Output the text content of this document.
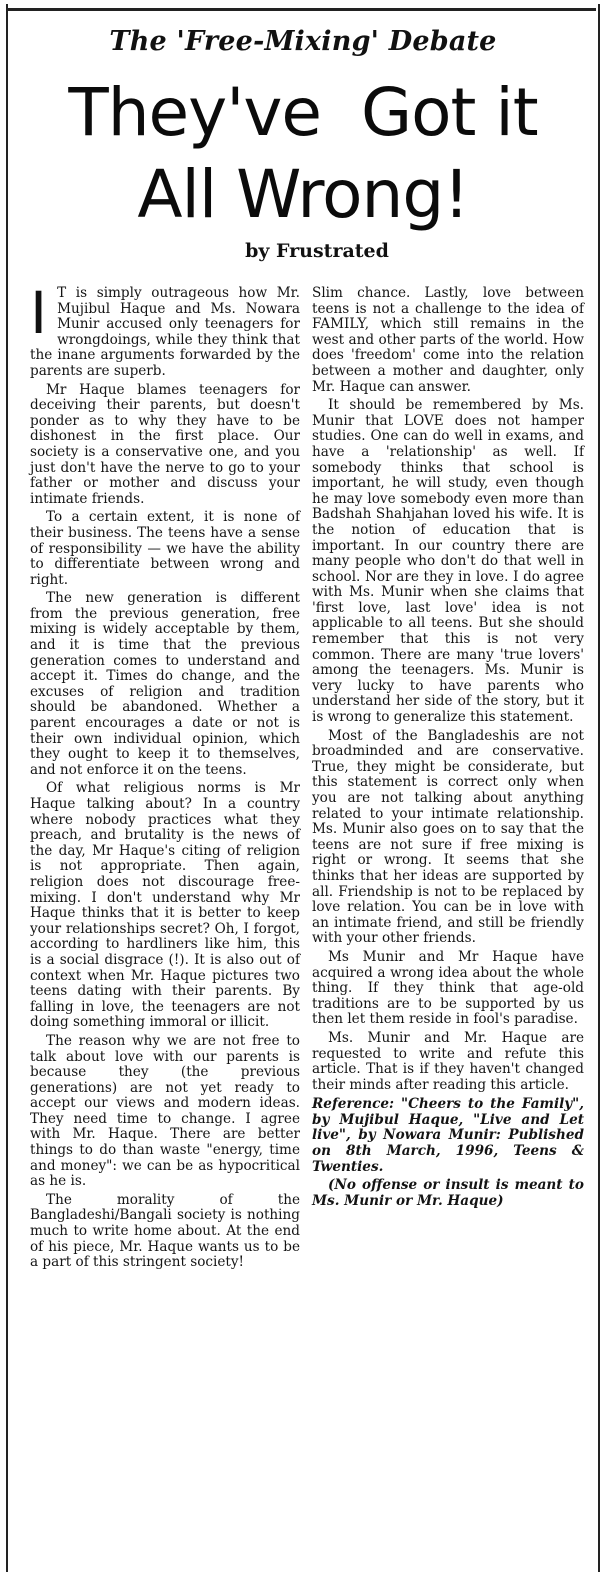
The 'Free-Mixing' Debate
They've  Got it
All Wrong!
by Frustrated

I T is simply outrageous how Mr. Mujibul Haque and Ms. Nowara Munir accused only teenagers for wrongdoings, while they think that the inane arguments forwarded by the parents are superb.

Mr Haque blames teenagers for deceiving their parents, but doesn't ponder as to why they have to be dishonest in the first place. Our society is a conservative one, and you just don't have the nerve to go to your father or mother and discuss your intimate friends.

To a certain extent, it is none of their business. The teens have a sense of responsibility — we have the ability to differentiate between wrong and right.

The new generation is different from the previous generation, free mixing is widely acceptable by them, and it is time that the previous generation comes to understand and accept it. Times do change, and the excuses of religion and tradition should be abandoned. Whether a parent encourages a date or not is their own individual opinion, which they ought to keep it to themselves, and not enforce it on the teens.

Of what religious norms is Mr Haque talking about? In a country where nobody practices what they preach, and brutality is the news of the day, Mr Haque's citing of religion is not appropriate. Then again, religion does not discourage free-mixing. I don't understand why Mr Haque thinks that it is better to keep your relationships secret? Oh, I forgot, according to hardliners like him, this is a social disgrace (!). It is also out of context when Mr. Haque pictures two teens dating with their parents. By falling in love, the teenagers are not doing something immoral or illicit.

The reason why we are not free to talk about love with our parents is because they (the previous generations) are not yet ready to accept our views and modern ideas. They need time to change. I agree with Mr. Haque. There are better things to do than waste "energy, time and money": we can be as hypocritical as he is.

The morality of the Bangladeshi/Bangali society is nothing much to write home about. At the end of his piece, Mr. Haque wants us to be a part of this stringent society!

Slim chance. Lastly, love between teens is not a challenge to the idea of FAMILY, which still remains in the west and other parts of the world. How does 'freedom' come into the relation between a mother and daughter, only Mr. Haque can answer.

It should be remembered by Ms. Munir that LOVE does not hamper studies. One can do well in exams, and have a 'relationship' as well. If somebody thinks that school is important, he will study, even though he may love somebody even more than Badshah Shahjahan loved his wife. It is the notion of education that is important. In our country there are many people who don't do that well in school. Nor are they in love. I do agree with Ms. Munir when she claims that 'first love, last love' idea is not applicable to all teens. But she should remember that this is not very common. There are many 'true lovers' among the teenagers. Ms. Munir is very lucky to have parents who understand her side of the story, but it is wrong to generalize this statement.

Most of the Bangladeshis are not broadminded and are conservative. True, they might be considerate, but this statement is correct only when you are not talking about anything related to your intimate relationship. Ms. Munir also goes on to say that the teens are not sure if free mixing is right or wrong. It seems that she thinks that her ideas are supported by all. Friendship is not to be replaced by love relation. You can be in love with an intimate friend, and still be friendly with your other friends.

Ms Munir and Mr Haque have acquired a wrong idea about the whole thing. If they think that age-old traditions are to be supported by us then let them reside in fool's paradise.

Ms. Munir and Mr. Haque are requested to write and refute this article. That is if they haven't changed their minds after reading this article.

Reference: "Cheers to the Family", by Mujibul Haque, "Live and Let live", by Nowara Munir: Published on 8th March, 1996, Teens & Twenties.

(No offense or insult is meant to Ms. Munir or Mr. Haque)
